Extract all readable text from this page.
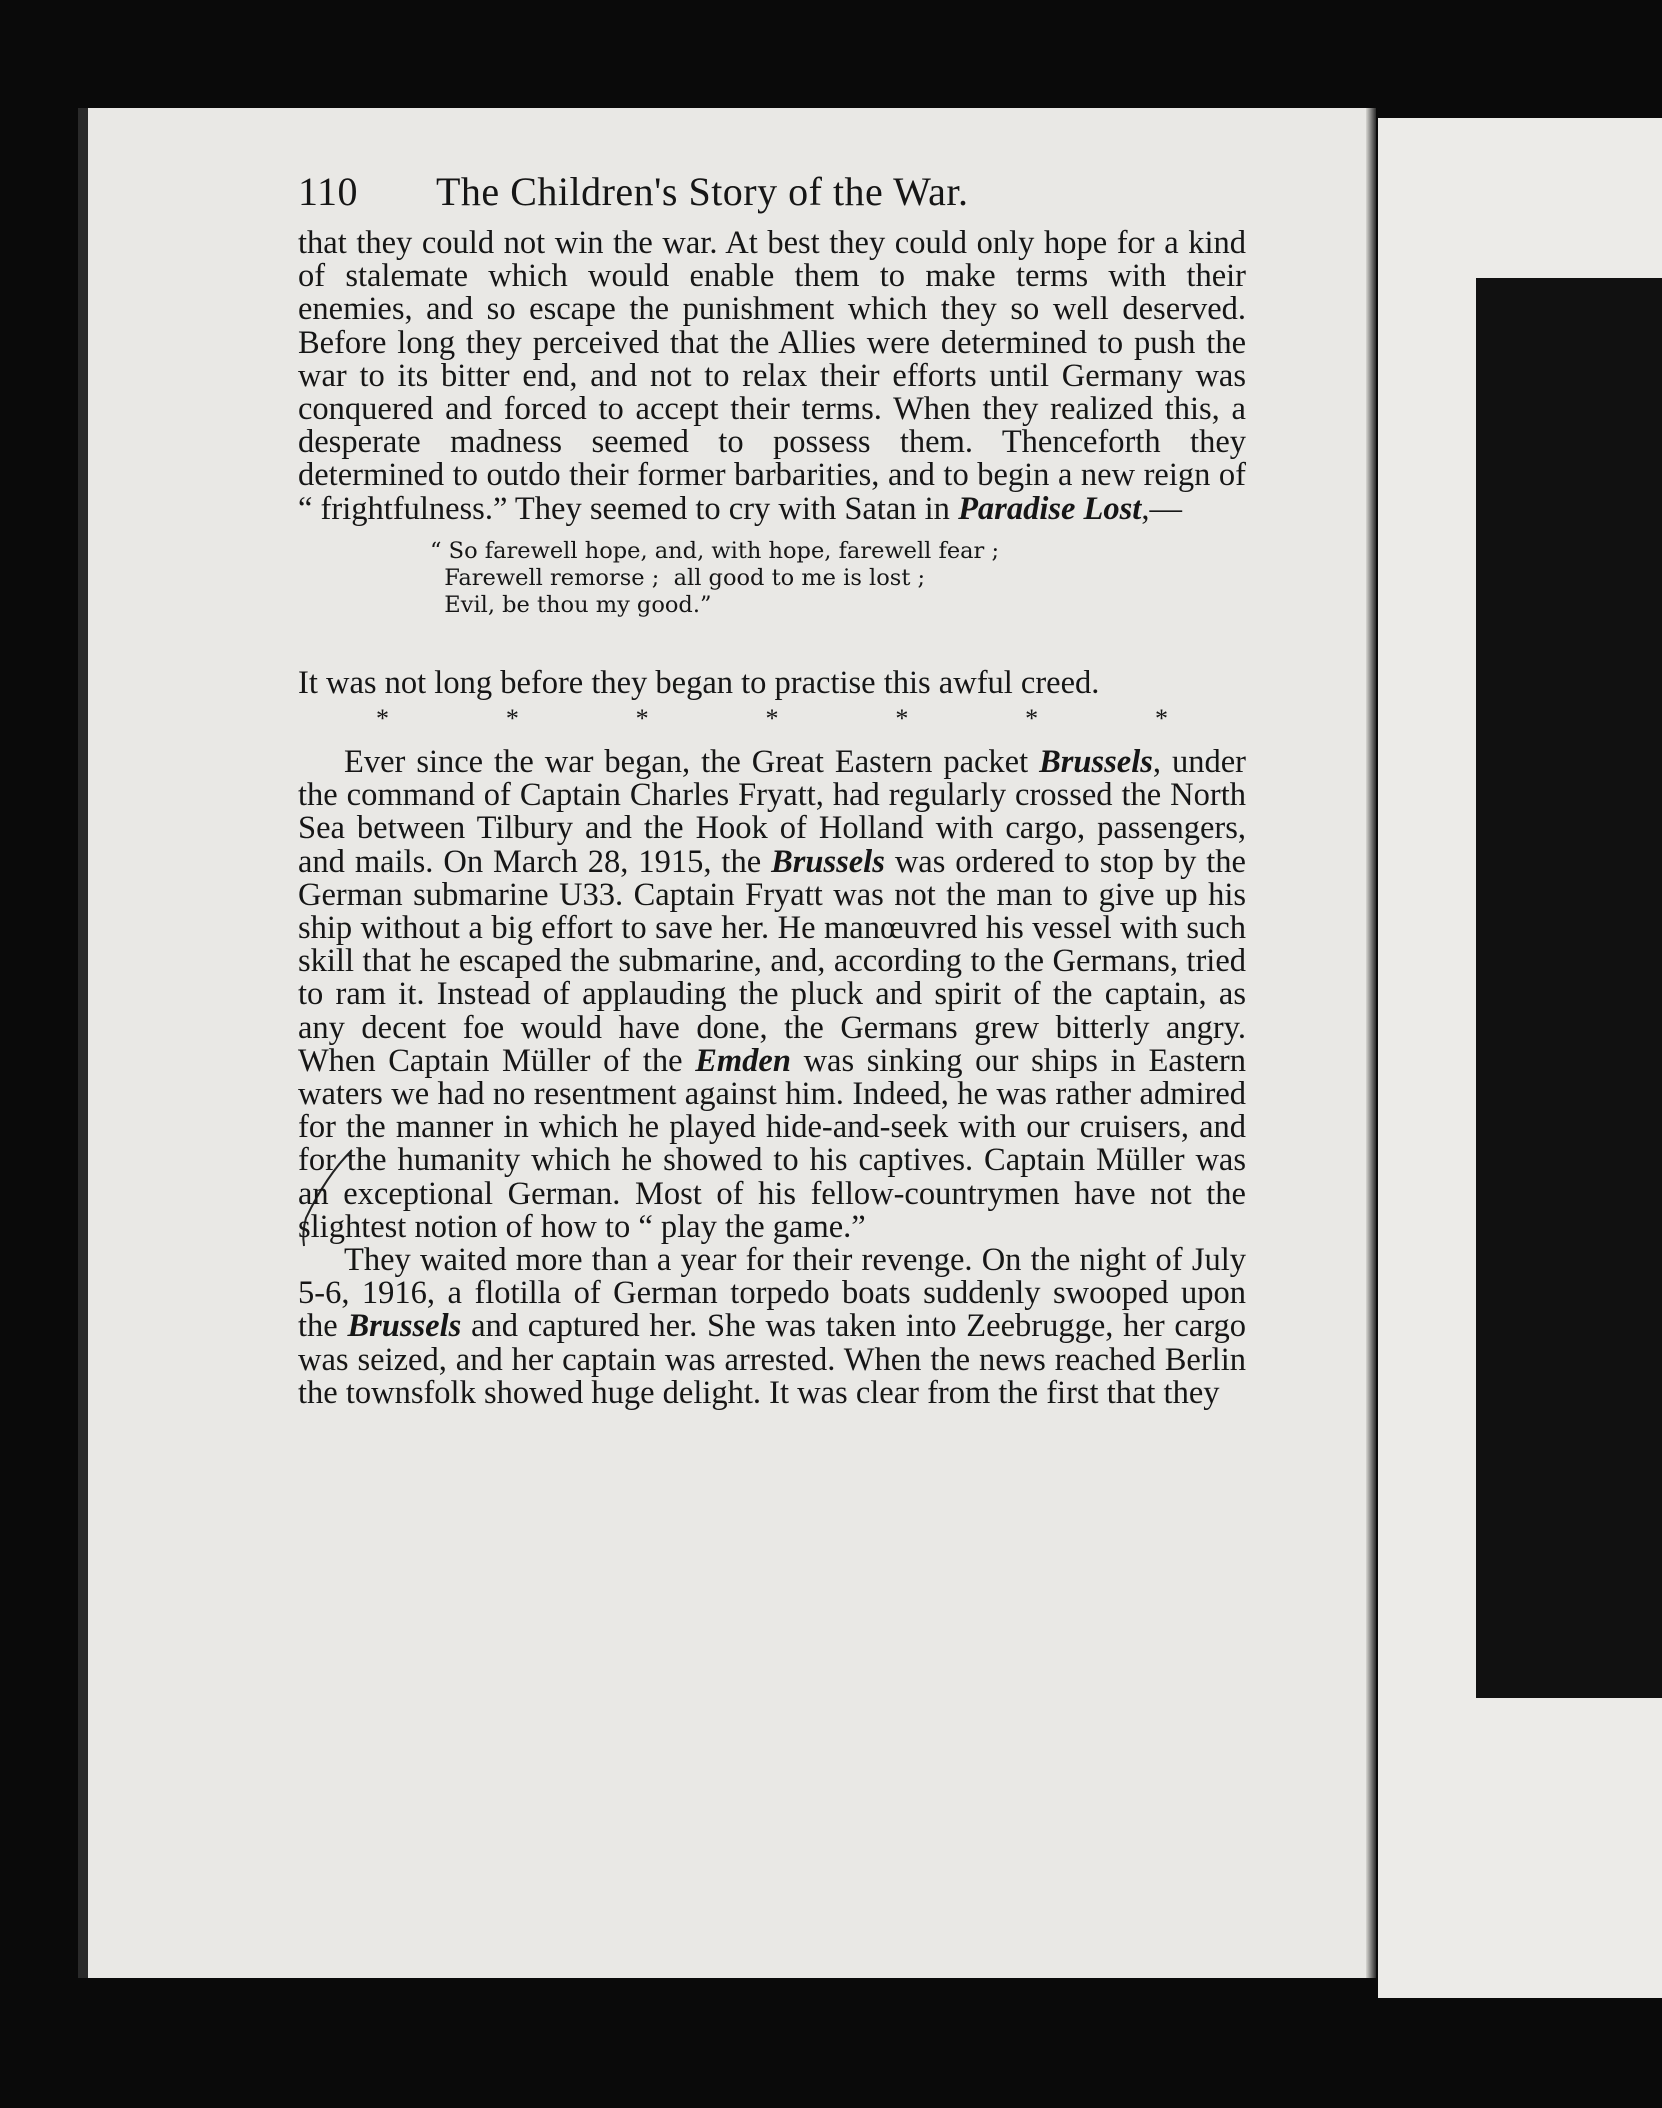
110	The Children's Story of the War.

that they could not win the war. At best they could only hope for a kind of stalemate which would enable them to make terms with their enemies, and so escape the punishment which they so well deserved. Before long they perceived that the Allies were determined to push the war to its bitter end, and not to relax their efforts until Germany was conquered and forced to accept their terms. When they realized this, a desperate madness seemed to possess them. Thenceforth they determined to outdo their former barbarities, and to begin a new reign of “ frightfulness.” They seemed to cry with Satan in Paradise Lost,—

“ So farewell hope, and, with hope, farewell fear ;
Farewell remorse ;  all good to me is lost ;
Evil, be thou my good.”

It was not long before they began to practise this awful creed.

*	*	*	*	*	*	*

Ever since the war began, the Great Eastern packet Brussels, under the command of Captain Charles Fryatt, had regularly crossed the North Sea between Tilbury and the Hook of Holland with cargo, passengers, and mails. On March 28, 1915, the Brussels was ordered to stop by the German submarine U33. Captain Fryatt was not the man to give up his ship without a big effort to save her. He manœuvred his vessel with such skill that he escaped the submarine, and, according to the Germans, tried to ram it. Instead of applauding the pluck and spirit of the captain, as any decent foe would have done, the Germans grew bitterly angry. When Captain Müller of the Emden was sinking our ships in Eastern waters we had no resentment against him. Indeed, he was rather admired for the manner in which he played hide-and-seek with our cruisers, and for the humanity which he showed to his captives. Captain Müller was an exceptional German. Most of his fellow-countrymen have not the slightest notion of how to “ play the game.”

They waited more than a year for their revenge. On the night of July 5-6, 1916, a flotilla of German torpedo boats suddenly swooped upon the Brussels and captured her. She was taken into Zeebrugge, her cargo was seized, and her captain was arrested. When the news reached Berlin the townsfolk showed huge delight. It was clear from the first that they
